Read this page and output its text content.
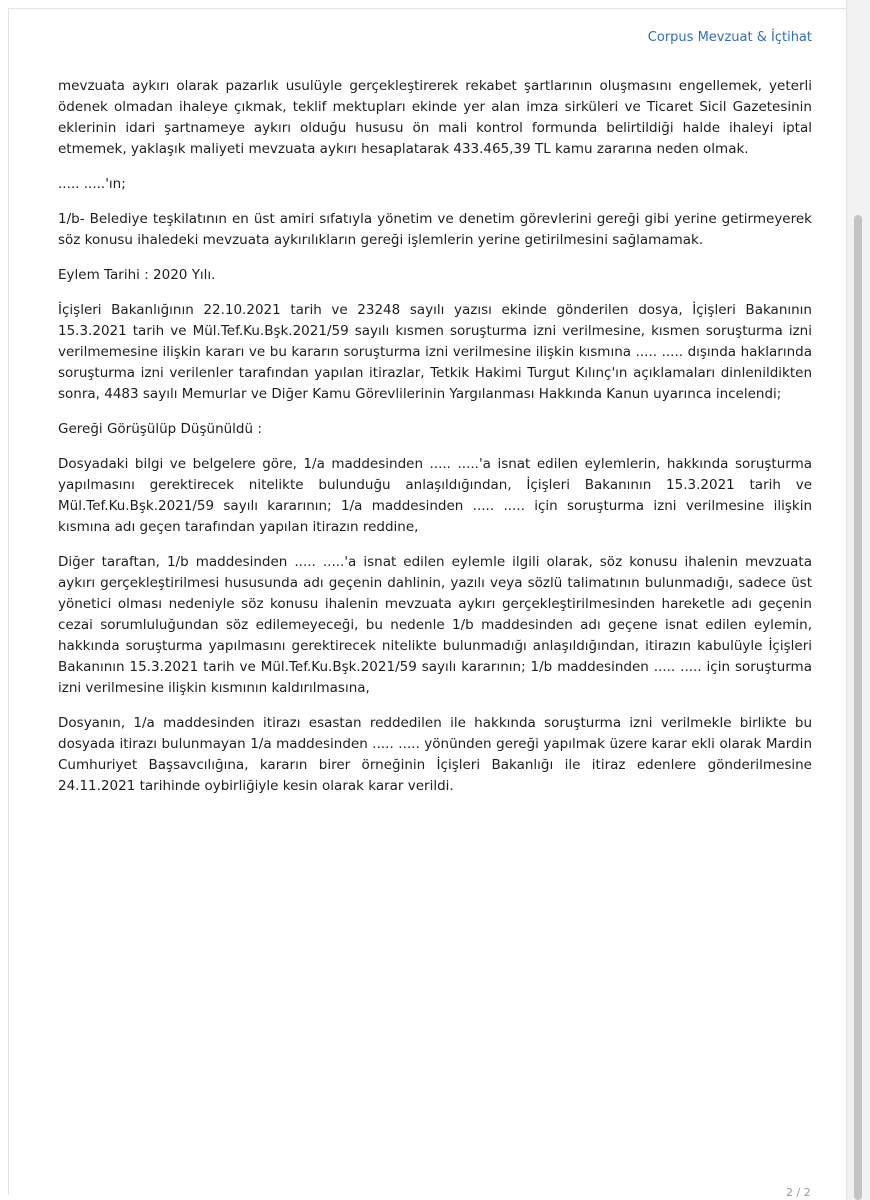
Corpus Mevzuat & İçtihat

mevzuata aykırı olarak pazarlık usulüyle gerçekleştirerek rekabet şartlarının oluşmasını engellemek, yeterli ödenek olmadan ihaleye çıkmak, teklif mektupları ekinde yer alan imza sirküleri ve Ticaret Sicil Gazetesinin eklerinin idari şartnameye aykırı olduğu hususu ön mali kontrol formunda belirtildiği halde ihaleyi iptal etmemek, yaklaşık maliyeti mevzuata aykırı hesaplatarak 433.465,39 TL kamu zararına neden olmak.

..... .....'ın;

1/b- Belediye teşkilatının en üst amiri sıfatıyla yönetim ve denetim görevlerini gereği gibi yerine getirmeyerek söz konusu ihaledeki mevzuata aykırılıkların gereği işlemlerin yerine getirilmesini sağlamamak.

Eylem Tarihi : 2020 Yılı.

İçişleri Bakanlığının 22.10.2021 tarih ve 23248 sayılı yazısı ekinde gönderilen dosya, İçişleri Bakanının 15.3.2021 tarih ve Mül.Tef.Ku.Bşk.2021/59 sayılı kısmen soruşturma izni verilmesine, kısmen soruşturma izni verilmemesine ilişkin kararı ve bu kararın soruşturma izni verilmesine ilişkin kısmına ..... ..... dışında haklarında soruşturma izni verilenler tarafından yapılan itirazlar, Tetkik Hakimi Turgut Kılınç'ın açıklamaları dinlenildikten sonra, 4483 sayılı Memurlar ve Diğer Kamu Görevlilerinin Yargılanması Hakkında Kanun uyarınca incelendi;

Gereği Görüşülüp Düşünüldü :

Dosyadaki bilgi ve belgelere göre, 1/a maddesinden ..... .....'a isnat edilen eylemlerin, hakkında soruşturma yapılmasını gerektirecek nitelikte bulunduğu anlaşıldığından, İçişleri Bakanının 15.3.2021 tarih ve Mül.Tef.Ku.Bşk.2021/59 sayılı kararının; 1/a maddesinden ..... ..... için soruşturma izni verilmesine ilişkin kısmına adı geçen tarafından yapılan itirazın reddine,

Diğer taraftan, 1/b maddesinden ..... .....'a isnat edilen eylemle ilgili olarak, söz konusu ihalenin mevzuata aykırı gerçekleştirilmesi hususunda adı geçenin dahlinin, yazılı veya sözlü talimatının bulunmadığı, sadece üst yönetici olması nedeniyle söz konusu ihalenin mevzuata aykırı gerçekleştirilmesinden hareketle adı geçenin cezai sorumluluğundan söz edilemeyeceği, bu nedenle 1/b maddesinden adı geçene isnat edilen eylemin, hakkında soruşturma yapılmasını gerektirecek nitelikte bulunmadığı anlaşıldığından, itirazın kabulüyle İçişleri Bakanının 15.3.2021 tarih ve Mül.Tef.Ku.Bşk.2021/59 sayılı kararının; 1/b maddesinden ..... ..... için soruşturma izni verilmesine ilişkin kısmının kaldırılmasına,

Dosyanın, 1/a maddesinden itirazı esastan reddedilen ile hakkında soruşturma izni verilmekle birlikte bu dosyada itirazı bulunmayan 1/a maddesinden ..... ..... yönünden gereği yapılmak üzere karar ekli olarak Mardin Cumhuriyet Başsavcılığına, kararın birer örneğinin İçişleri Bakanlığı ile itiraz edenlere gönderilmesine 24.11.2021 tarihinde oybirliğiyle kesin olarak karar verildi.

2 / 2
